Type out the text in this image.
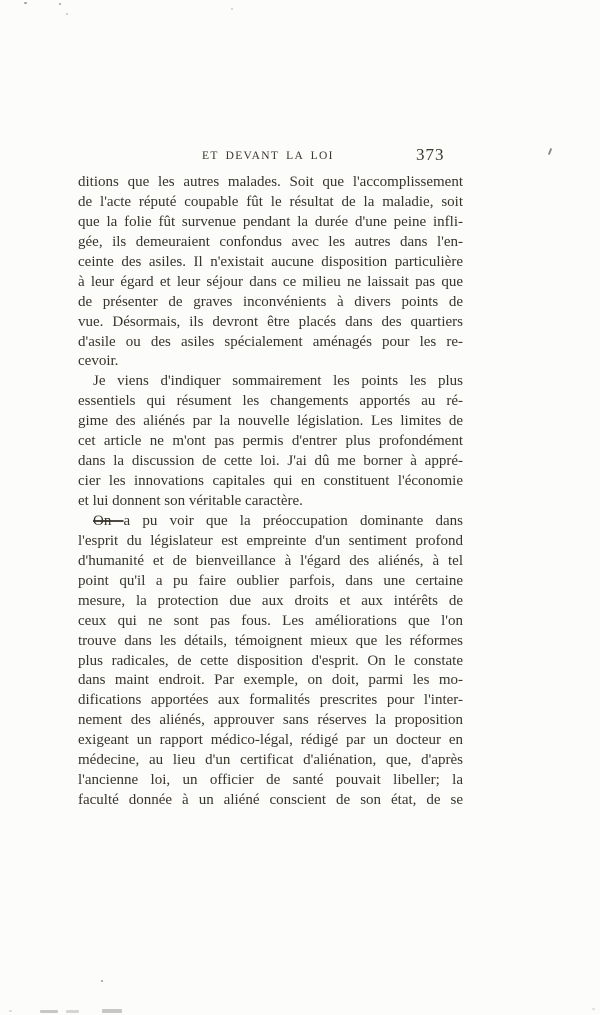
ET DEVANT LA LOI	373
ditions que les autres malades. Soit que l'accomplissement
de l'acte réputé coupable fût le résultat de la maladie, soit
que la folie fût survenue pendant la durée d'une peine infli-
gée, ils demeuraient confondus avec les autres dans l'en-
ceinte des asiles. Il n'existait aucune disposition particulière
à leur égard et leur séjour dans ce milieu ne laissait pas que
de présenter de graves inconvénients à divers points de
vue. Désormais, ils devront être placés dans des quartiers
d'asile ou des asiles spécialement aménagés pour les re-
cevoir.
Je viens d'indiquer sommairement les points les plus
essentiels qui résument les changements apportés au ré-
gime des aliénés par la nouvelle législation. Les limites de
cet article ne m'ont pas permis d'entrer plus profondément
dans la discussion de cette loi. J'ai dû me borner à appré-
cier les innovations capitales qui en constituent l'économie
et lui donnent son véritable caractère.
On a pu voir que la préoccupation dominante dans
l'esprit du législateur est empreinte d'un sentiment profond
d'humanité et de bienveillance à l'égard des aliénés, à tel
point qu'il a pu faire oublier parfois, dans une certaine
mesure, la protection due aux droits et aux intérêts de
ceux qui ne sont pas fous. Les améliorations que l'on
trouve dans les détails, témoignent mieux que les réformes
plus radicales, de cette disposition d'esprit. On le constate
dans maint endroit. Par exemple, on doit, parmi les mo-
difications apportées aux formalités prescrites pour l'inter-
nement des aliénés, approuver sans réserves la proposition
exigeant un rapport médico-légal, rédigé par un docteur en
médecine, au lieu d'un certificat d'aliénation, que, d'après
l'ancienne loi, un officier de santé pouvait libeller; la
faculté donnée à un aliéné conscient de son état, de se
